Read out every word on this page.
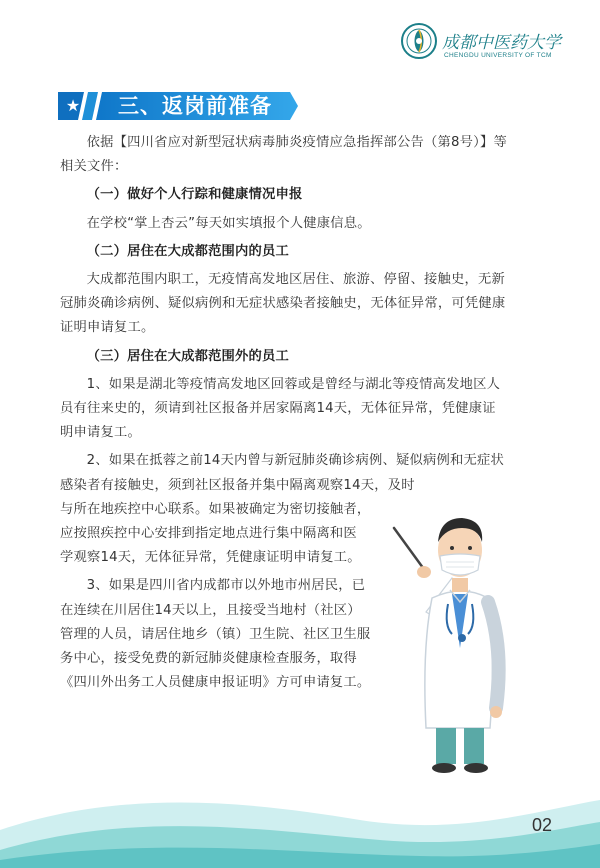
成都中医药大学
CHENGDU UNIVERSITY OF TCM
★ 三、返岗前准备

依据【四川省应对新型冠状病毒肺炎疫情应急指挥部公告（第8号）】等
相关文件：

（一）做好个人行踪和健康情况申报

在学校“掌上杏云”每天如实填报个人健康信息。

（二）居住在大成都范围内的员工

大成都范围内职工，无疫情高发地区居住、旅游、停留、接触史，无新
冠肺炎确诊病例、疑似病例和无症状感染者接触史，无体征异常，可凭健康
证明申请复工。

（三）居住在大成都范围外的员工

1、如果是湖北等疫情高发地区回蓉或是曾经与湖北等疫情高发地区人
员有往来史的，须请到社区报备并居家隔离14天，无体征异常，凭健康证
明申请复工。

2、如果在抵蓉之前14天内曾与新冠肺炎确诊病例、疑似病例和无症状
感染者有接触史，须到社区报备并集中隔离观察14天，及时
与所在地疾控中心联系。如果被确定为密切接触者，
应按照疾控中心安排到指定地点进行集中隔离和医
学观察14天，无体征异常，凭健康证明申请复工。

3、如果是四川省内成都市以外地市州居民，已
在连续在川居住14天以上，且接受当地村（社区）
管理的人员，请居住地乡（镇）卫生院、社区卫生服
务中心，接受免费的新冠肺炎健康检查服务，取得
《四川外出务工人员健康申报证明》方可申请复工。

02
